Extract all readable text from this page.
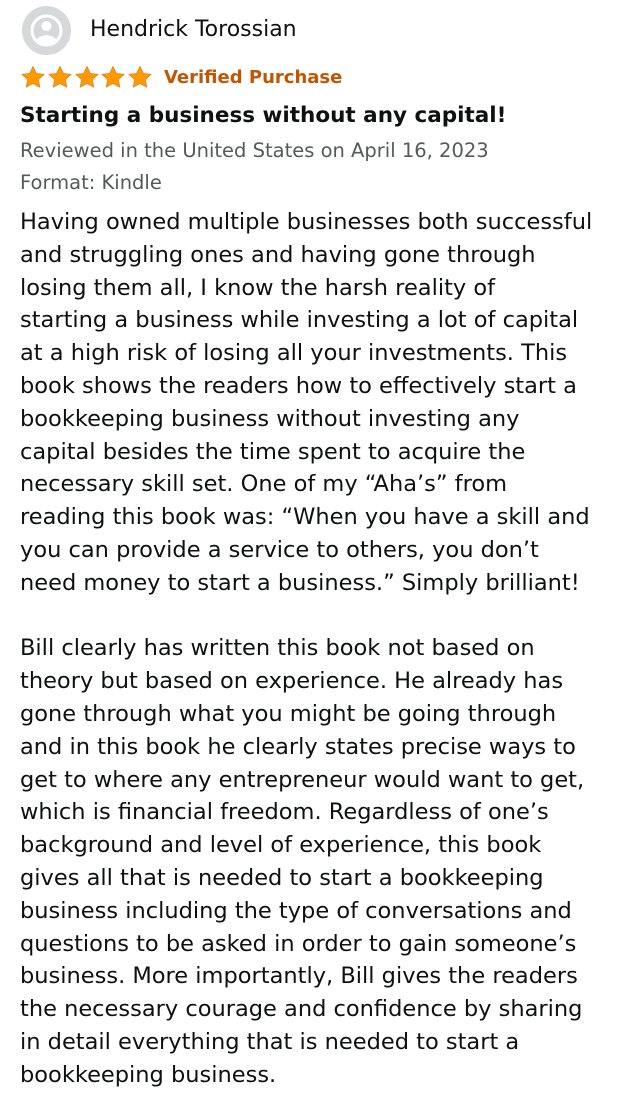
Hendrick Torossian
Verified Purchase
Starting a business without any capital!
Reviewed in the United States on April 16, 2023
Format: Kindle
Having owned multiple businesses both successful
and struggling ones and having gone through
losing them all, I know the harsh reality of
starting a business while investing a lot of capital
at a high risk of losing all your investments. This
book shows the readers how to effectively start a
bookkeeping business without investing any
capital besides the time spent to acquire the
necessary skill set. One of my “Aha’s” from
reading this book was: “When you have a skill and
you can provide a service to others, you don’t
need money to start a business.” Simply brilliant!
Bill clearly has written this book not based on
theory but based on experience. He already has
gone through what you might be going through
and in this book he clearly states precise ways to
get to where any entrepreneur would want to get,
which is financial freedom. Regardless of one’s
background and level of experience, this book
gives all that is needed to start a bookkeeping
business including the type of conversations and
questions to be asked in order to gain someone’s
business. More importantly, Bill gives the readers
the necessary courage and confidence by sharing
in detail everything that is needed to start a
bookkeeping business.
